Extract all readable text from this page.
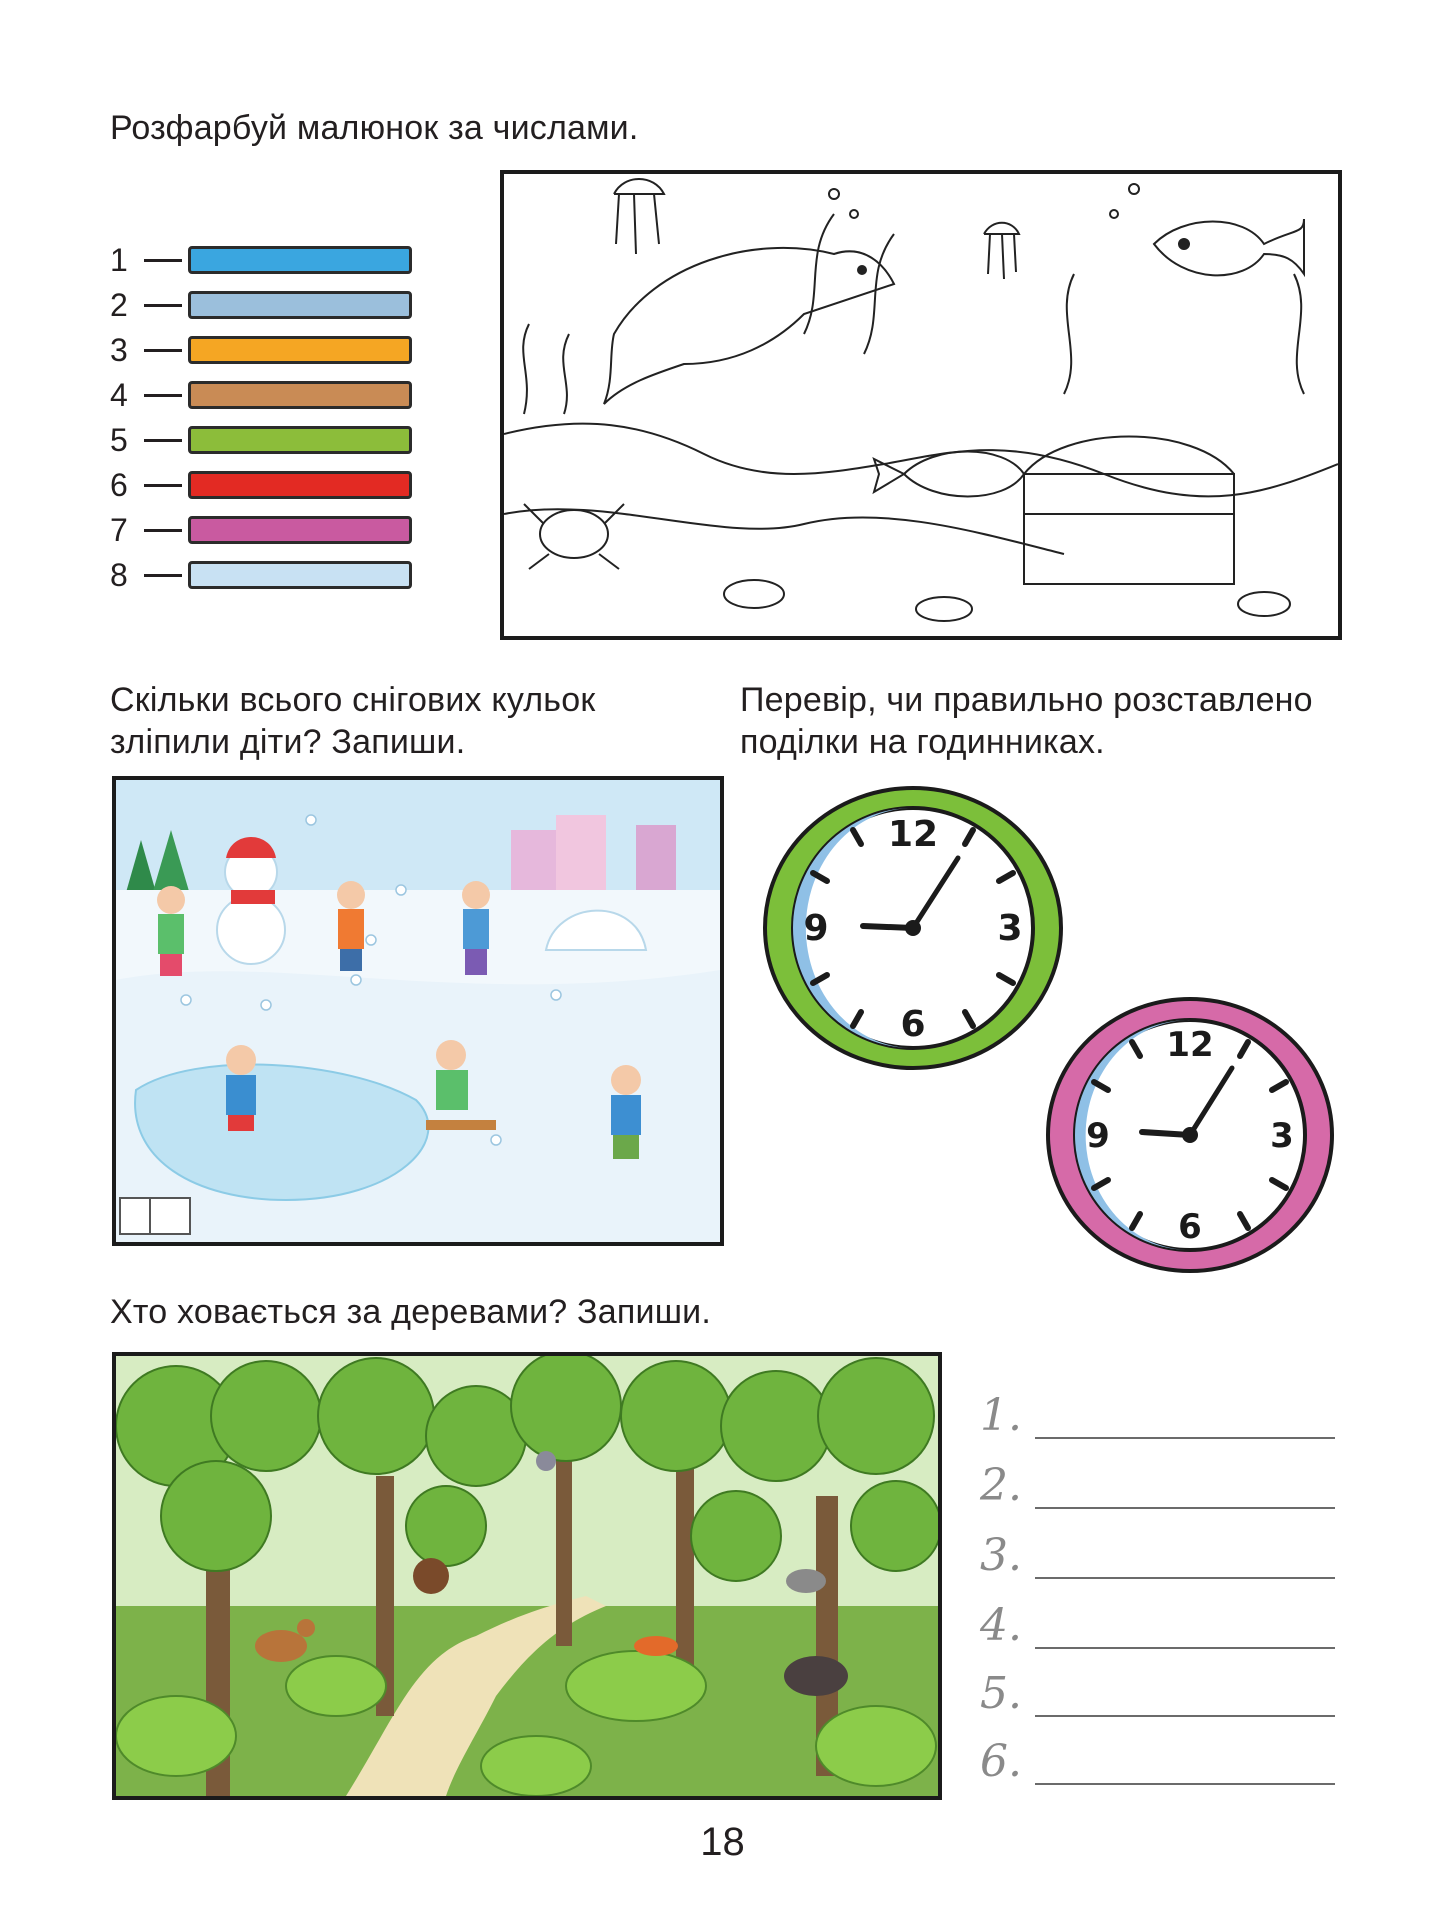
Розфарбуй малюнок за числами.
1
2
3
4
5
6
7
8
Скільки всього снігових кульок
зліпили діти? Запиши.
Перевір, чи правильно розставлено
поділки на годинниках.
12
3
6
9
12
3
6
9
Хто ховається за деревами? Запиши.
1.
2.
3.
4.
5.
6.
18
